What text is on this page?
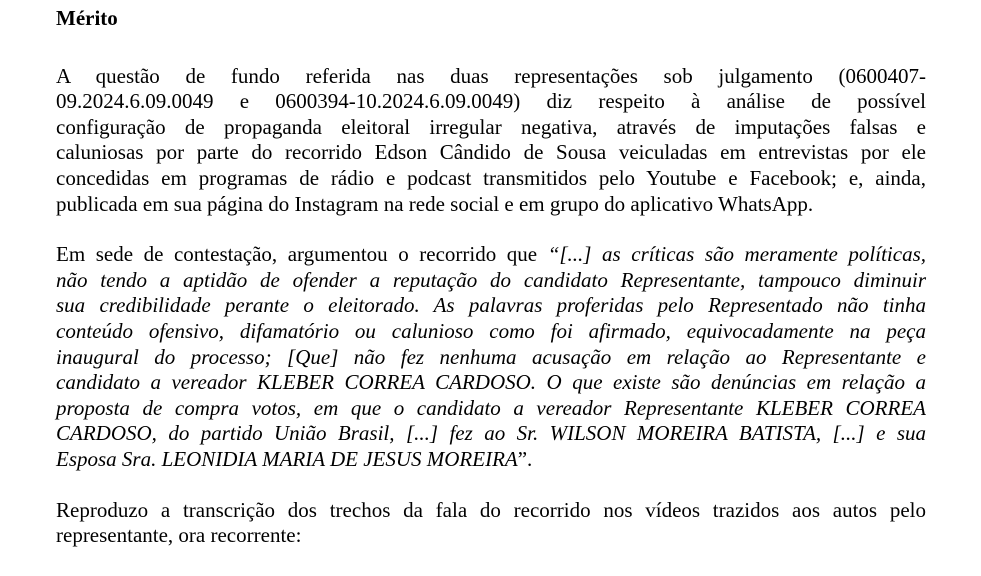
Mérito

A questão de fundo referida nas duas representações sob julgamento (0600407-
09.2024.6.09.0049 e 0600394-10.2024.6.09.0049) diz respeito à análise de possível
configuração de propaganda eleitoral irregular negativa, através de imputações falsas e
caluniosas por parte do recorrido Edson Cândido de Sousa veiculadas em entrevistas por ele
concedidas em programas de rádio e podcast transmitidos pelo Youtube e Facebook; e, ainda,
publicada em sua página do Instagram na rede social e em grupo do aplicativo WhatsApp.
Em sede de contestação, argumentou o recorrido que “[...] as críticas são meramente políticas,
não tendo a aptidão de ofender a reputação do candidato Representante, tampouco diminuir
sua credibilidade perante o eleitorado. As palavras proferidas pelo Representado não tinha
conteúdo ofensivo, difamatório ou calunioso como foi afirmado, equivocadamente na peça
inaugural do processo; [Que] não fez nenhuma acusação em relação ao Representante e
candidato a vereador KLEBER CORREA CARDOSO. O que existe são denúncias em relação a
proposta de compra votos, em que o candidato a vereador Representante KLEBER CORREA
CARDOSO, do partido União Brasil, [...] fez ao Sr. WILSON MOREIRA BATISTA, [...] e sua
Esposa Sra. LEONIDIA MARIA DE JESUS MOREIRA”.
Reproduzo a transcrição dos trechos da fala do recorrido nos vídeos trazidos aos autos pelo
representante, ora recorrente:
